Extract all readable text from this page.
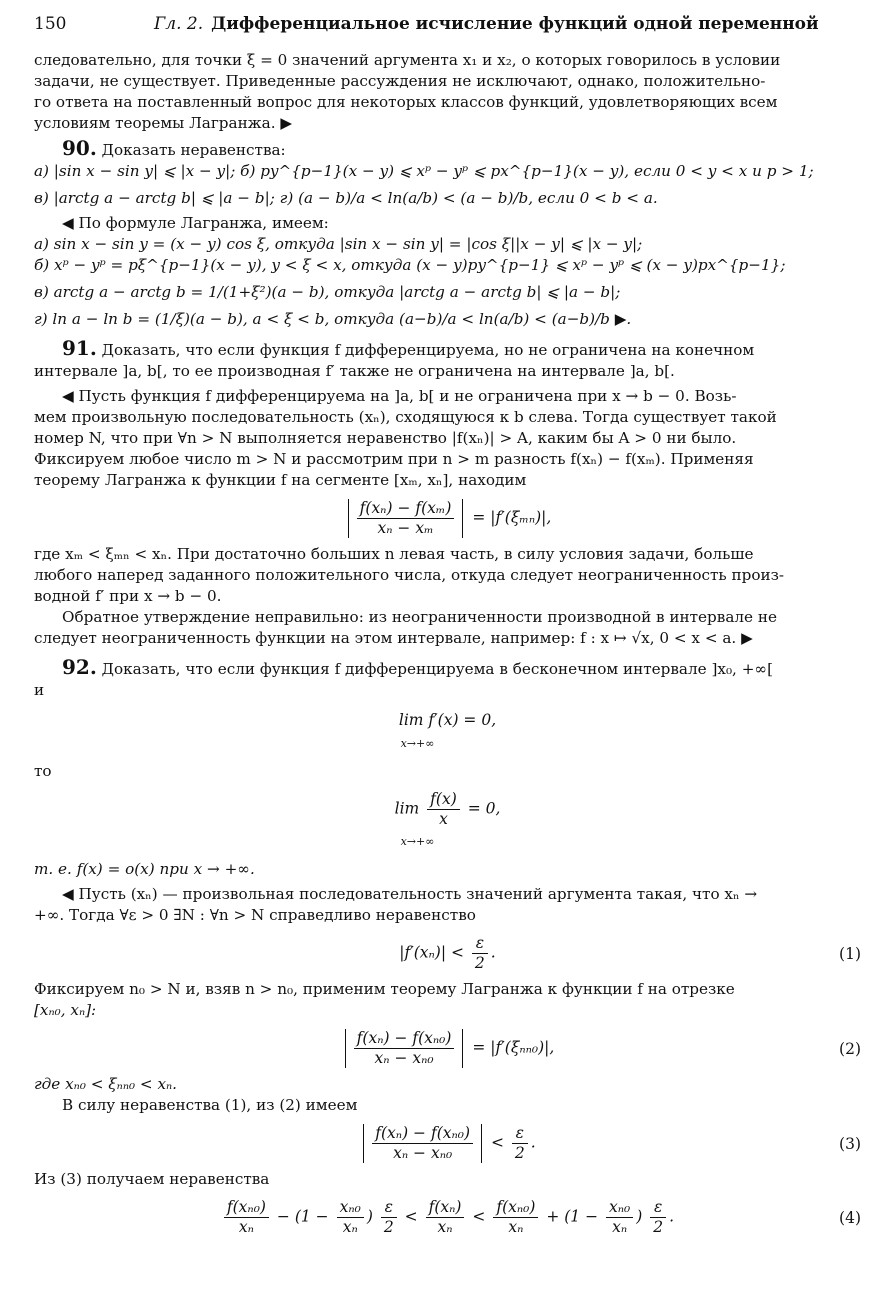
150	Гл. 2. Дифференциальное исчисление функций одной переменной

следовательно, для точки ξ = 0 значений аргумента x₁ и x₂, о которых говорилось в условии

задачи, не существует. Приведенные рассуждения не исключают, однако, положительно-

го ответа на поставленный вопрос для некоторых классов функций, удовлетворяющих всем

условиям теоремы Лагранжа. ▶

90. Доказать неравенства:

а) |sin x − sin y| ⩽ |x − y|; б) py^{p−1}(x − y) ⩽ xᵖ − yᵖ ⩽ px^{p−1}(x − y), если 0 < y < x и p > 1;

в) |arctg a − arctg b| ⩽ |a − b|; г) (a − b)/a < ln(a/b) < (a − b)/b, если 0 < b < a.

◀ По формуле Лагранжа, имеем:

а) sin x − sin y = (x − y) cos ξ, откуда |sin x − sin y| = |cos ξ||x − y| ⩽ |x − y|;

б) xᵖ − yᵖ = pξ^{p−1}(x − y), y < ξ < x, откуда (x − y)py^{p−1} ⩽ xᵖ − yᵖ ⩽ (x − y)px^{p−1};

в) arctg a − arctg b = 1/(1+ξ²)(a − b), откуда |arctg a − arctg b| ⩽ |a − b|;

г) ln a − ln b = (1/ξ)(a − b), a < ξ < b, откуда (a−b)/a < ln(a/b) < (a−b)/b ▶.

91. Доказать, что если функция f дифференцируема, но не ограничена на конечном

интервале ]a, b[, то ее производная f′ также не ограничена на интервале ]a, b[.

◀ Пусть функция f дифференцируема на ]a, b[ и не ограничена при x → b − 0. Возь-

мем произвольную последовательность (xₙ), сходящуюся к b слева. Тогда существует такой

номер N, что при ∀n > N выполняется неравенство |f(xₙ)| > A, каким бы A > 0 ни было.

Фиксируем любое число m > N и рассмотрим при n > m разность f(xₙ) − f(xₘ). Применяя

теорему Лагранжа к функции f на сегменте [xₘ, xₙ], находим

$\frac{\text{f(xₙ) − f(xₘ)}}{\text{xₙ − xₘ}} = |f'(\xi_{mn})|$,

где xₘ < ξₘₙ < xₙ. При достаточно больших n левая часть, в силу условия задачи, больше

любого наперед заданного положительного числа, откуда следует неограниченность произ-

водной f′ при x → b − 0.

Обратное утверждение неправильно: из неограниченности производной в интервале не

следует неограниченность функции на этом интервале, например: f : x ↦ √x, 0 < x < a. ▶

92. Доказать, что если функция f дифференцируема в бесконечном интервале ]x₀, +∞[

и

lim f′(x) = 0,
x→+∞

то

$\lim \frac{f(x)}{x} = 0$,
x→+∞

т. е. f(x) = o(x) при x → +∞.

◀ Пусть (xₙ) — произвольная последовательность значений аргумента такая, что xₙ →

+∞. Тогда ∀ε > 0 ∃N : ∀n > N справедливо неравенство

$|f'(x_n)| < \frac{\varepsilon}{2}$ .	(1)

Фиксируем n₀ > N и, взяв n > n₀, применим теорему Лагранжа к функции f на отрезке

[xₙ₀, xₙ]:

$\frac{\text{f(xₙ) − f(xₙ₀)}}{\text{xₙ − xₙ₀}} = |f'(\xi_{nn0})|$,	(2)

где xₙ₀ < ξₙₙ₀ < xₙ.

В силу неравенства (1), из (2) имеем

$\frac{\text{f(xₙ) − f(xₙ₀)}}{\text{xₙ − xₙ₀}} < \frac{\varepsilon}{2}$ .	(3)

Из (3) получаем неравенства

$\frac{\text{f(xₙ₀)}}{\text{xₙ}} - (1 - \frac{\text{xₙ₀}}{\text{xₙ}}$ ) $\frac{\varepsilon}{2} < \frac{\text{f(xₙ)}}{\text{xₙ}} < \frac{\text{f(xₙ₀)}}{\text{xₙ}} + (1 - \frac{\text{xₙ₀}}{\text{xₙ}}$ ) $\frac{\varepsilon}{2}$ .	(4)
